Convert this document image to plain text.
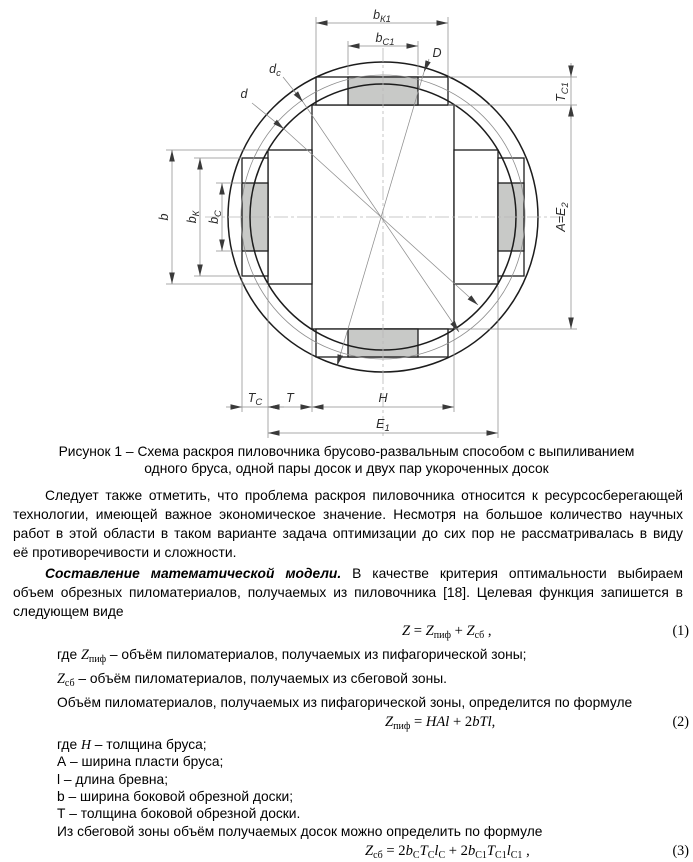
$b_{К1}$
$b_{С1}$
D
$d_с$
d	$T_{С1}$
$A=E_2$
b $b_К$
$b_С$
$T_С$ T	H
$E_1$
Рисунок 1 – Схема раскроя пиловочника брусово-развальным способом с выпиливанием
одного бруса, одной пары досок и двух пар укороченных досок
Следует также отметить, что проблема раскроя пиловочника относится к ресурсосберегающей
технологии, имеющей важное экономическое значение. Несмотря на большое количество научных
работ в этой области в таком варианте задача оптимизации до сих пор не рассматривалась в виду
её противоречивости и сложности.
Составление математической модели. В качестве критерия оптимальности выбираем
объем обрезных пиломатериалов, получаемых из пиловочника [18]. Целевая функция запишется в
следующем виде
$Z = Z_{пиф} + Z_{сб}$ ,	(1)
где $Z_{пиф}$ – объём пиломатериалов, получаемых из пифагорической зоны;
$Z_{сб}$ – объём пиломатериалов, получаемых из сбеговой зоны.
Объём пиломатериалов, получаемых из пифагорической зоны, определится по формуле
$Z_{пиф}$ = HAl + 2bTl,	(2)
где H – толщина бруса;
А – ширина пласти бруса;
l – длина бревна;
b – ширина боковой обрезной доски;
Т – толщина боковой обрезной доски.
Из сбеговой зоны объём получаемых досок можно определить по формуле
$Z_{сб} = 2b_СT_Сl_С + 2b_{С1}T_{С1}l_{С1}$ ,	(3)
